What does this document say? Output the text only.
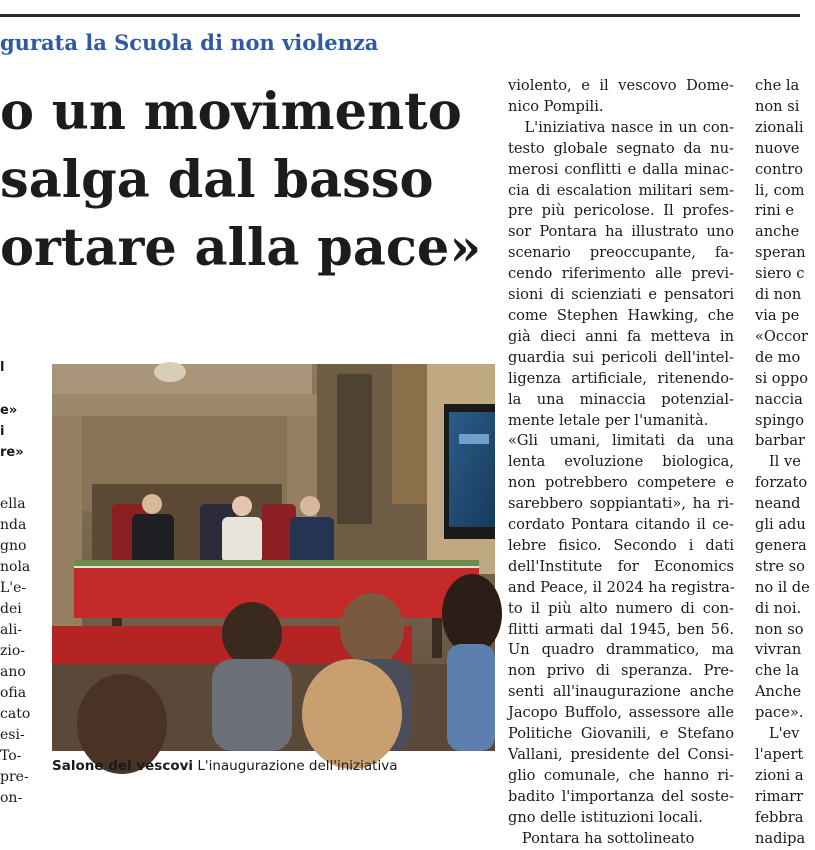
gurata la Scuola di non violenza
o un movimento
salga dal basso
ortare alla pace»

l

e»

i

re»

ella

nda

gno

nola

L'e-

dei

ali-

zio-

ano

ofia

cato

esi-

To-

pre-

on-

Salone dei vescovi L'inaugurazione dell'iniziativa

violento, e il vescovo Dome-
nico Pompili.
L'iniziativa nasce in un con-
testo globale segnato da nu-
merosi conflitti e dalla minac-
cia di escalation militari sem-
pre più pericolose. Il profes-
sor Pontara ha illustrato uno
scenario preoccupante, fa-
cendo riferimento alle previ-
sioni di scienziati e pensatori
come Stephen Hawking, che
già dieci anni fa metteva in
guardia sui pericoli dell'intel-
ligenza artificiale, ritenendo-
la una minaccia potenzial-
mente letale per l'umanità.
«Gli umani, limitati da una
lenta evoluzione biologica,
non potrebbero competere e
sarebbero soppiantati», ha ri-
cordato Pontara citando il ce-
lebre fisico. Secondo i dati
dell'Institute for Economics
and Peace, il 2024 ha registra-
to il più alto numero di con-
flitti armati dal 1945, ben 56.
Un quadro drammatico, ma
non privo di speranza. Pre-
senti all'inaugurazione anche
Jacopo Buffolo, assessore alle
Politiche Giovanili, e Stefano
Vallani, presidente del Consi-
glio comunale, che hanno ri-
badito l'importanza del soste-
gno delle istituzioni locali.
Pontara ha sottolineato
che la
non si
zionali
nuove
contro
li, com
rini e
anche
speran
siero c
di non
via pe
«Occor
de mo
si oppo
naccia
spingo
barbar
Il ve
forzato
neand
gli adu
genera
stre so
no il de
di noi.
non so
vivran
che la
Anche
pace».
L'ev
l'apert
zioni a
rimarr
febbra
nadipa
